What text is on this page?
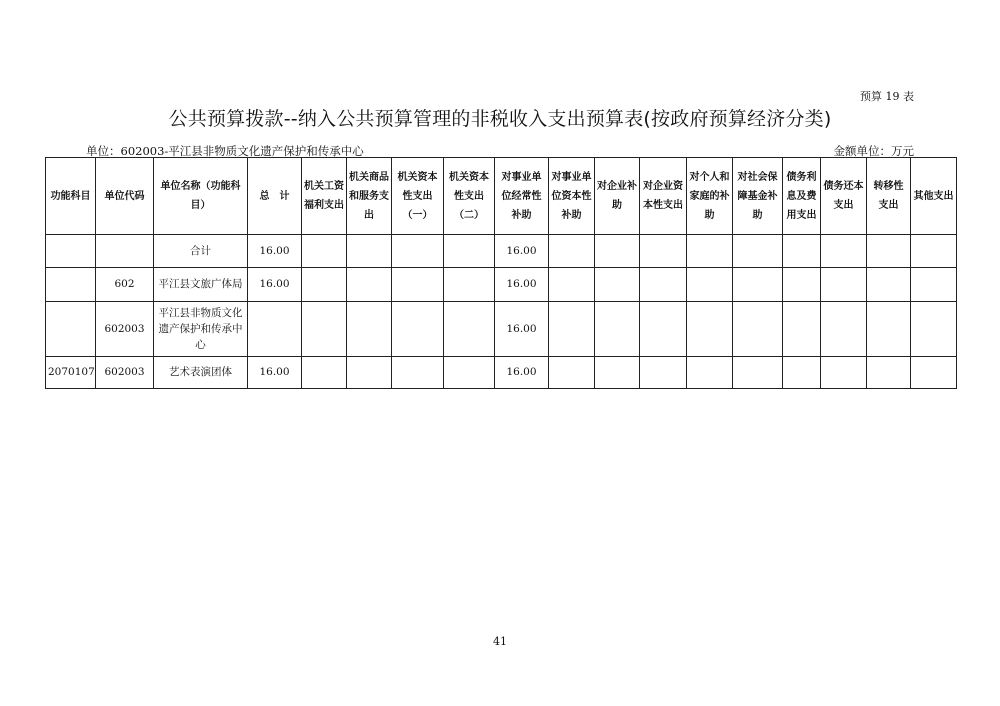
预算 19 表
公共预算拨款--纳入公共预算管理的非税收入支出预算表(按政府预算经济分类)
单位：602003-平江县非物质文化遗产保护和传承中心	金额单位：万元
功能科目	单位代码	单位名称（功能科目）	总　计	机关工资福利支出	机关商品和服务支出	机关资本性支出（一）	机关资本性支出（二）	对事业单位经常性补助	对事业单位资本性补助	对企业补助	对企业资本性支出	对个人和家庭的补助	对社会保障基金补助	债务利息及费用支出	债务还本支出	转移性支出	其他支出
		合计	16.00					16.00									
	602	平江县文旅广体局	16.00					16.00									
	602003	平江县非物质文化遗产保护和传承中心						16.00									
2070107	602003	艺术表演团体	16.00					16.00									
41
